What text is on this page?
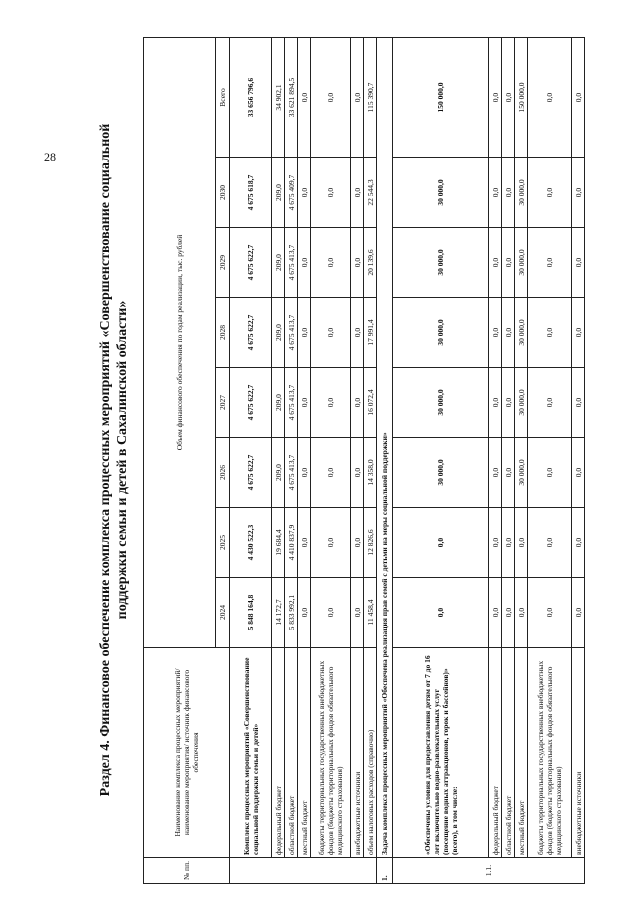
28	Раздел 4. Финансовое обеспечение комплекса процессных мероприятий «Совершенствование социальной поддержки семьи и детей в Сахалинской области»
№ пп.	Наименование комплекса процессных мероприятий/наименование мероприятия/ источник финансового обеспечения	Объем финансового обеспечения по годам реализации, тыс. рублей							
		2024	2025	2026	2027	2028	2029	2030	Всего
	Комплекс процессных мероприятий «Совершенствование социальной поддержки семьи и детей»	5 848 164,8	4 430 522,3	4 675 622,7	4 675 622,7	4 675 622,7	4 675 622,7	4 675 618,7	33 656 796,6
	федеральный бюджет	14 172,7	19 684,4	209,0	209,0	209,0	209,0	209,0	34 902,1
	областной бюджет	5 833 992,1	4 410 837,9	4 675 413,7	4 675 413,7	4 675 413,7	4 675 413,7	4 675 409,7	33 621 894,5
	местный бюджет	0,0	0,0	0,0	0,0	0,0	0,0	0,0	0,0
	бюджеты территориальных государственных внебюджетных фондов (бюджеты территориальных фондов обязательного медицинского страхования)	0,0	0,0	0,0	0,0	0,0	0,0	0,0	0,0
	внебюджетные источники	0,0	0,0	0,0	0,0	0,0	0,0	0,0	0,0
	объем налоговых расходов (справочно)	11 458,4	12 826,6	14 358,0	16 072,4	17 991,4	20 139,6	22 544,3	115 390,7
1.	Задача комплекса процессных мероприятий «Обеспечена реализация прав семей с детьми на меры социальной поддержки»								
1.1.	«Обеспечены условия для предоставления детям от 7 до 16 лет включительно водно-развлекательных услуг (посещение водных аттракционов, горок и бассейнов)» (всего), в том числе:	0,0	0,0	30 000,0	30 000,0	30 000,0	30 000,0	30 000,0	150 000,0
	федеральный бюджет	0,0	0,0	0,0	0,0	0,0	0,0	0,0	0,0
	областной бюджет	0,0	0,0	0,0	0,0	0,0	0,0	0,0	0,0
	местный бюджет	0,0	0,0	30 000,0	30 000,0	30 000,0	30 000,0	30 000,0	150 000,0
	бюджеты территориальных государственных внебюджетных фондов (бюджеты территориальных фондов обязательного медицинского страхования)	0,0	0,0	0,0	0,0	0,0	0,0	0,0	0,0
	внебюджетные источники	0,0	0,0	0,0	0,0	0,0	0,0	0,0	0,0
